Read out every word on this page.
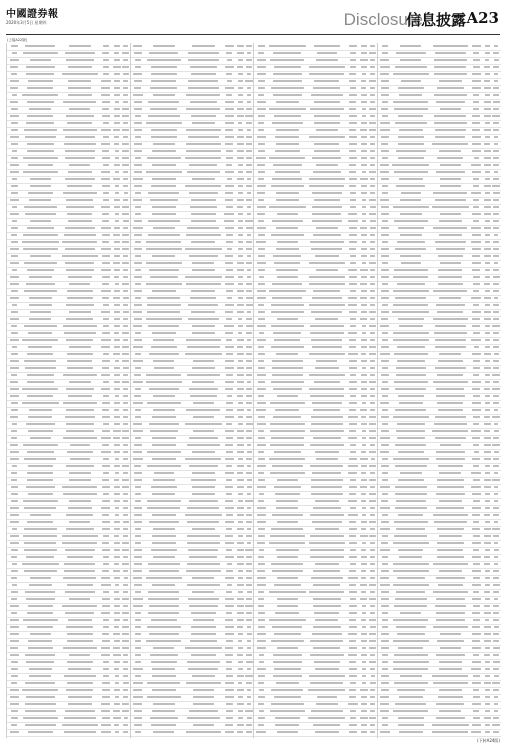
中國證券報
2020年3月5日 星期四	Disclosure
信息披露 A23
(上接A22版)
(下转A24版)
